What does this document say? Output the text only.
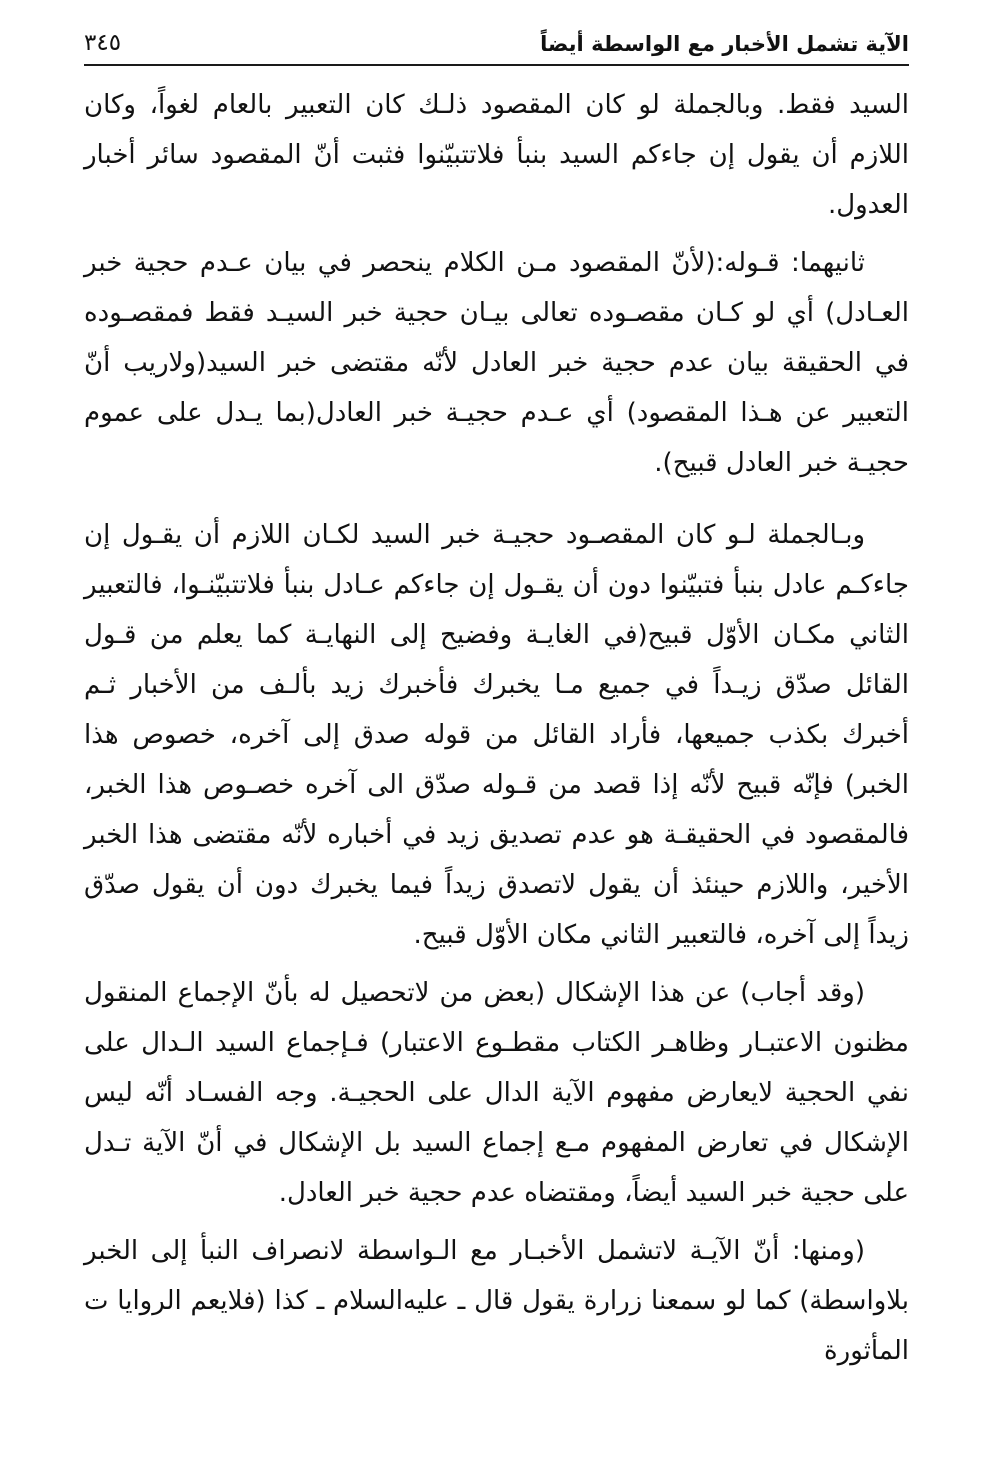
الآية تشمل الأخبار مع الواسطة أيضاً
٣٤٥
السيد فقط. وبالجملة لو كان المقصود ذلـك كان التعبير بالعام لغواً، وكان اللازم أن يقول إن جاءكم السيد بنبأ فلاتتبيّنوا فثبت أنّ المقصود سائر أخبار العدول.
ثانيهما: قـوله:(لأنّ المقصود مـن الكلام ينحصر في بيان عـدم حجية خبر العـادل) أي لو كـان مقصـوده تعالى بيـان حجية خبر السيـد فقط فمقصـوده في الحقيقة بيان عدم حجية خبر العادل لأنّه مقتضى خبر السيد(ولاريب أنّ التعبير عن هـذا المقصود) أي عـدم حجيـة خبر العادل(بما يـدل على عموم حجيـة خبر العادل قبيح).
وبـالجملة لـو كان المقصـود حجيـة خبر السيد لكـان اللازم أن يقـول إن جاءكـم عادل بنبأ فتبيّنوا دون أن يقـول إن جاءكم عـادل بنبأ فلاتتبيّنـوا، فالتعبير الثاني مكـان الأوّل قبيح(في الغايـة وفضيح إلى النهايـة كما يعلم من قـول القائل صدّق زيـداً في جميع مـا يخبرك فأخبرك زيد بألـف من الأخبار ثـم أخبرك بكذب جميعها، فأراد القائل من قوله صدق إلى آخره، خصوص هذا الخبر) فإنّه قبيح لأنّه إذا قصد من قـوله صدّق الى آخره خصـوص هذا الخبر، فالمقصود في الحقيقـة هو عدم تصديق زيد في أخباره لأنّه مقتضى هذا الخبر الأخير، واللازم حينئذ أن يقول لاتصدق زيداً فيما يخبرك دون أن يقول صدّق زيداً إلى آخره، فالتعبير الثاني مكان الأوّل قبيح.
(وقد أجاب) عن هذا الإشكال (بعض من لاتحصيل له بأنّ الإجماع المنقول مظنون الاعتبـار وظاهـر الكتاب مقطـوع الاعتبار) فـإجماع السيد الـدال على نفي الحجية لايعارض مفهوم الآية الدال على الحجيـة. وجه الفسـاد أنّه ليس الإشكال في تعارض المفهوم مـع إجماع السيد بل الإشكال في أنّ الآية تـدل على حجية خبر السيد أيضاً، ومقتضاه عدم حجية خبر العادل.
(ومنها: أنّ الآيـة لاتشمل الأخبـار مع الـواسطة لانصراف النبأ إلى الخبر بلاواسطة) كما لو سمعنا زرارة يقول قال ـ عليه‌السلام ـ كذا (فلايعم الروايا ت المأثورة
